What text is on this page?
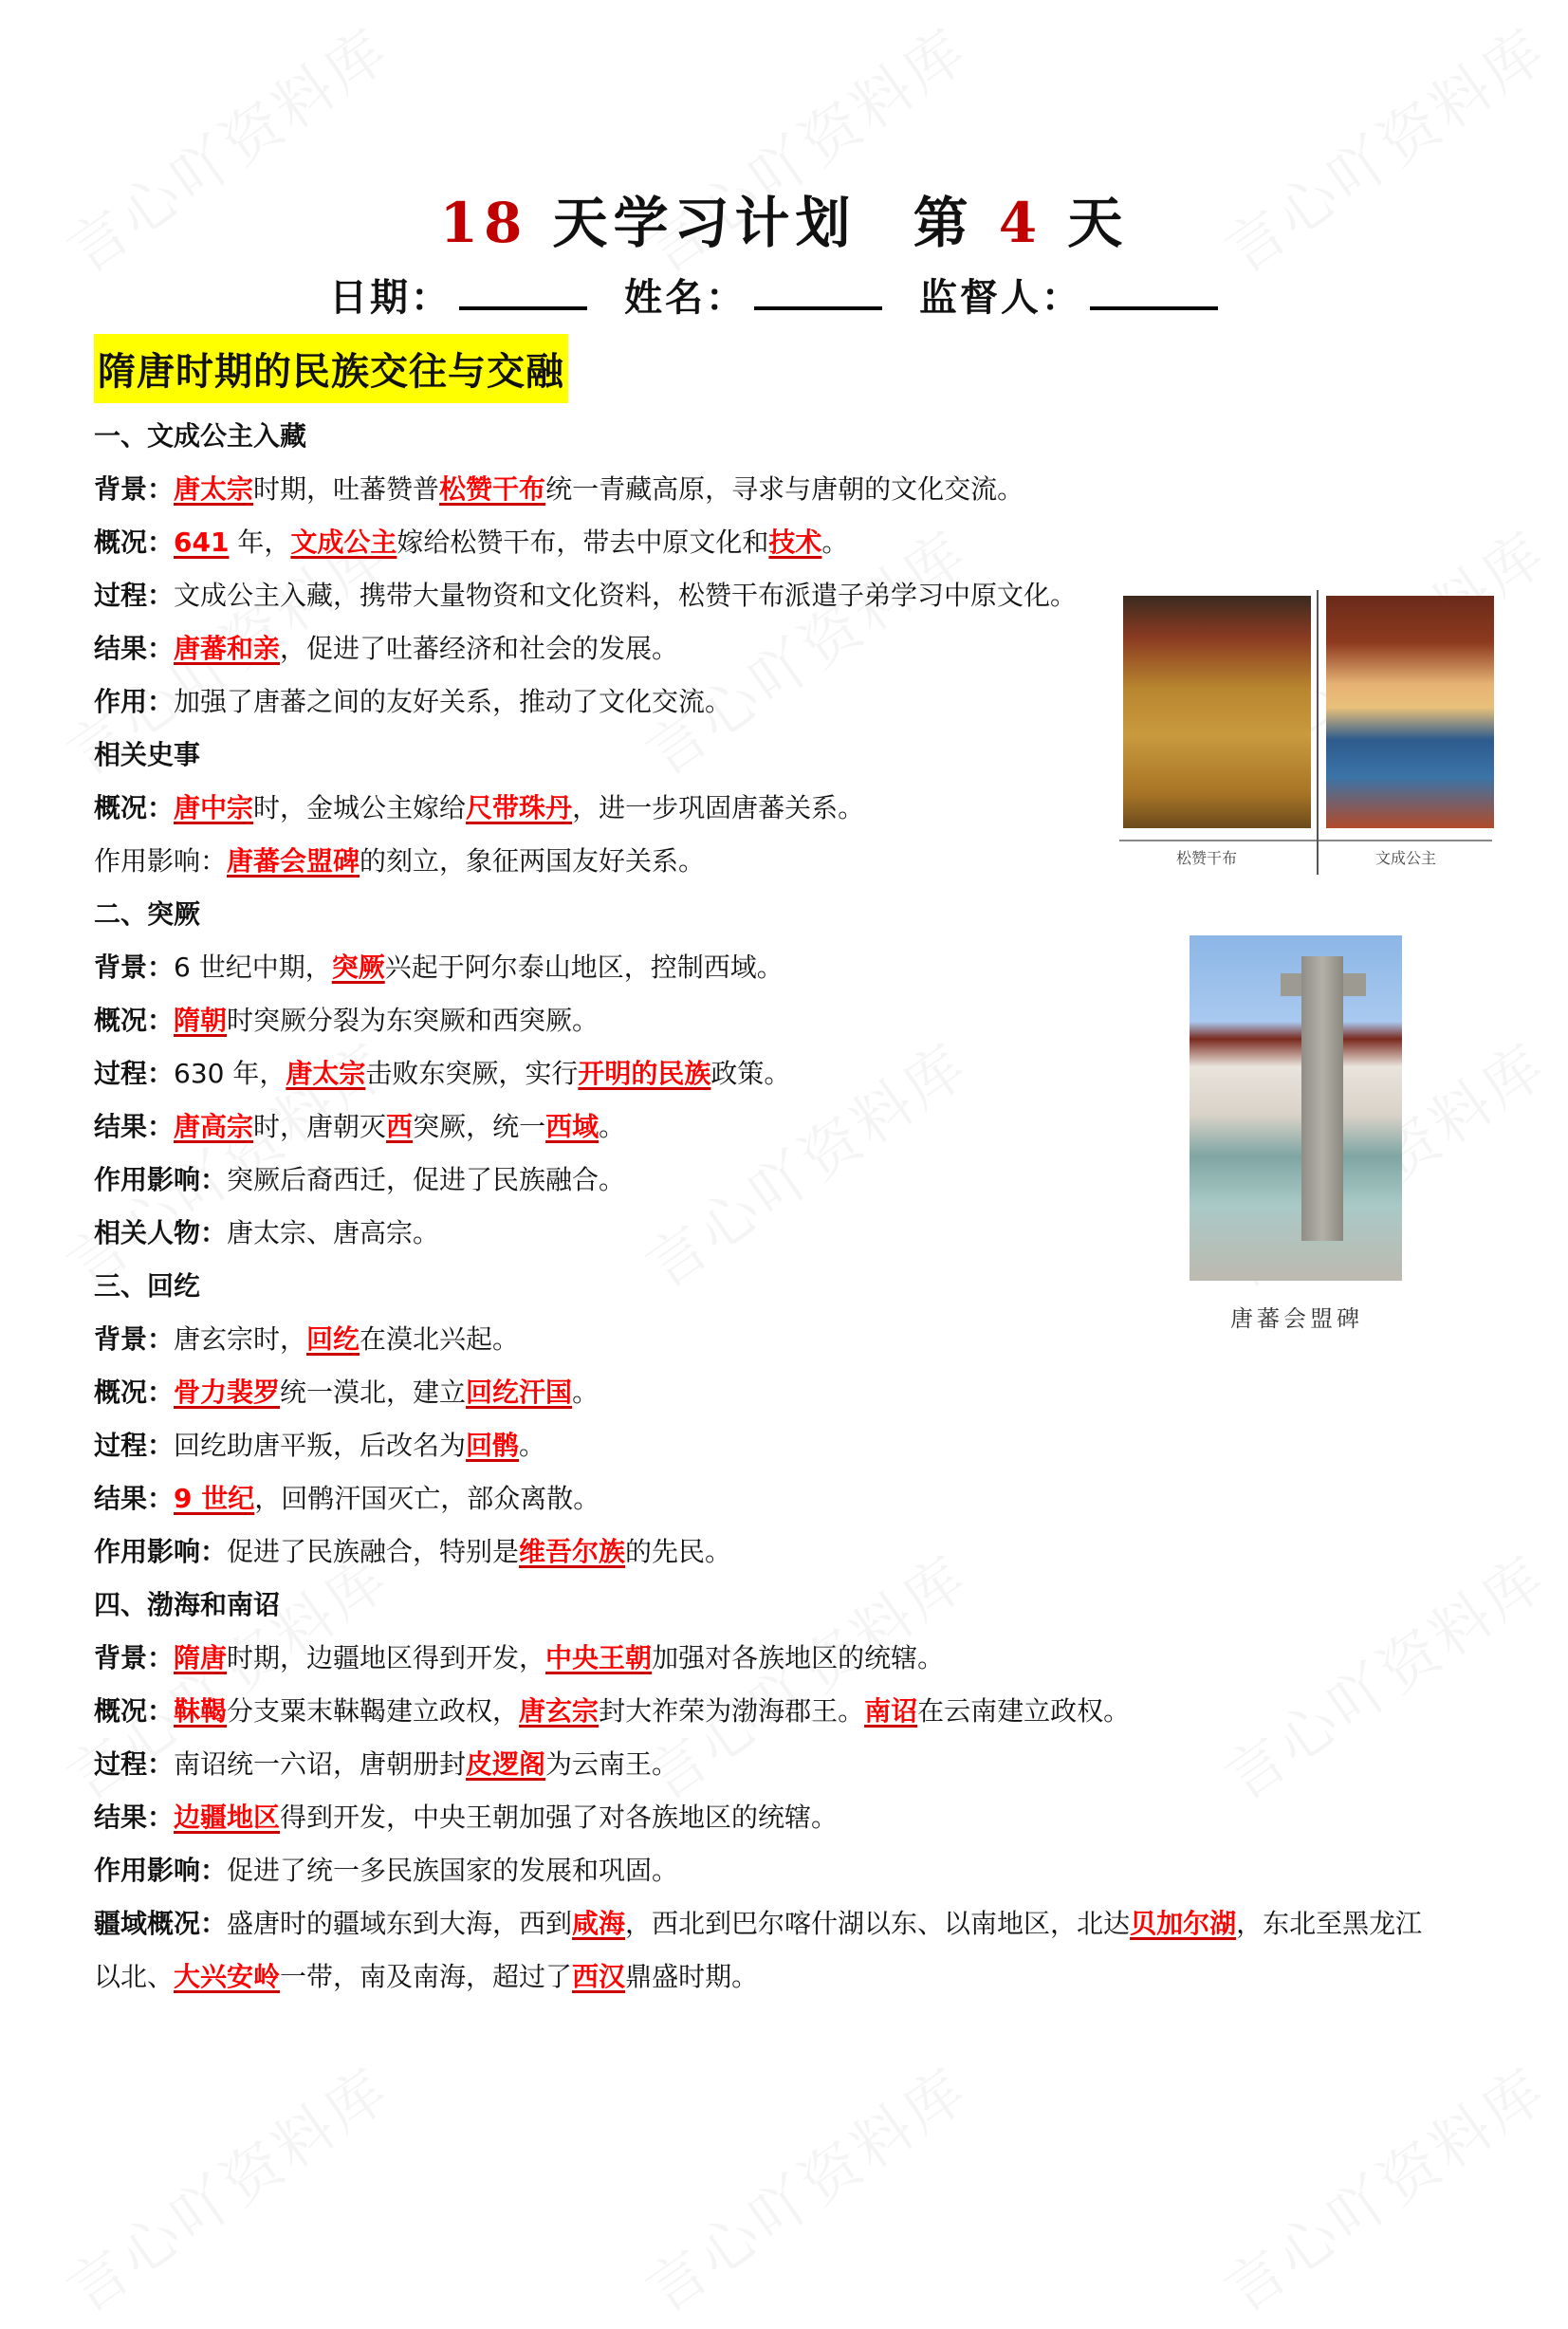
18 天学习计划 第 4 天
日期：	姓名：	监督人：
隋唐时期的民族交往与交融
一、文成公主入藏
背景：唐太宗时期，吐蕃赞普松赞干布统一青藏高原，寻求与唐朝的文化交流。
概况：641 年，文成公主嫁给松赞干布，带去中原文化和技术。
过程：文成公主入藏，携带大量物资和文化资料，松赞干布派遣子弟学习中原文化。
结果：唐蕃和亲，促进了吐蕃经济和社会的发展。
作用：加强了唐蕃之间的友好关系，推动了文化交流。
相关史事
概况：唐中宗时，金城公主嫁给尺带珠丹，进一步巩固唐蕃关系。
作用影响：唐蕃会盟碑的刻立，象征两国友好关系。
二、突厥
背景：6 世纪中期，突厥兴起于阿尔泰山地区，控制西域。
概况：隋朝时突厥分裂为东突厥和西突厥。
过程：630 年，唐太宗击败东突厥，实行开明的民族政策。
结果：唐高宗时，唐朝灭西突厥，统一西域。
作用影响：突厥后裔西迁，促进了民族融合。
相关人物：唐太宗、唐高宗。
三、回纥
背景：唐玄宗时，回纥在漠北兴起。
概况：骨力裴罗统一漠北，建立回纥汗国。
过程：回纥助唐平叛，后改名为回鹘。
结果：9 世纪，回鹘汗国灭亡，部众离散。
作用影响：促进了民族融合，特别是维吾尔族的先民。
四、渤海和南诏
背景：隋唐时期，边疆地区得到开发，中央王朝加强对各族地区的统辖。
概况：靺鞨分支粟末靺鞨建立政权，唐玄宗封大祚荣为渤海郡王。南诏在云南建立政权。
过程：南诏统一六诏，唐朝册封皮逻阁为云南王。
结果：边疆地区得到开发，中央王朝加强了对各族地区的统辖。
作用影响：促进了统一多民族国家的发展和巩固。
疆域概况：盛唐时的疆域东到大海，西到咸海，西北到巴尔喀什湖以东、以南地区，北达贝加尔湖，东北至黑龙江
以北、大兴安岭一带，南及南海，超过了西汉鼎盛时期。
松赞干布	文成公主
唐蕃会盟碑
